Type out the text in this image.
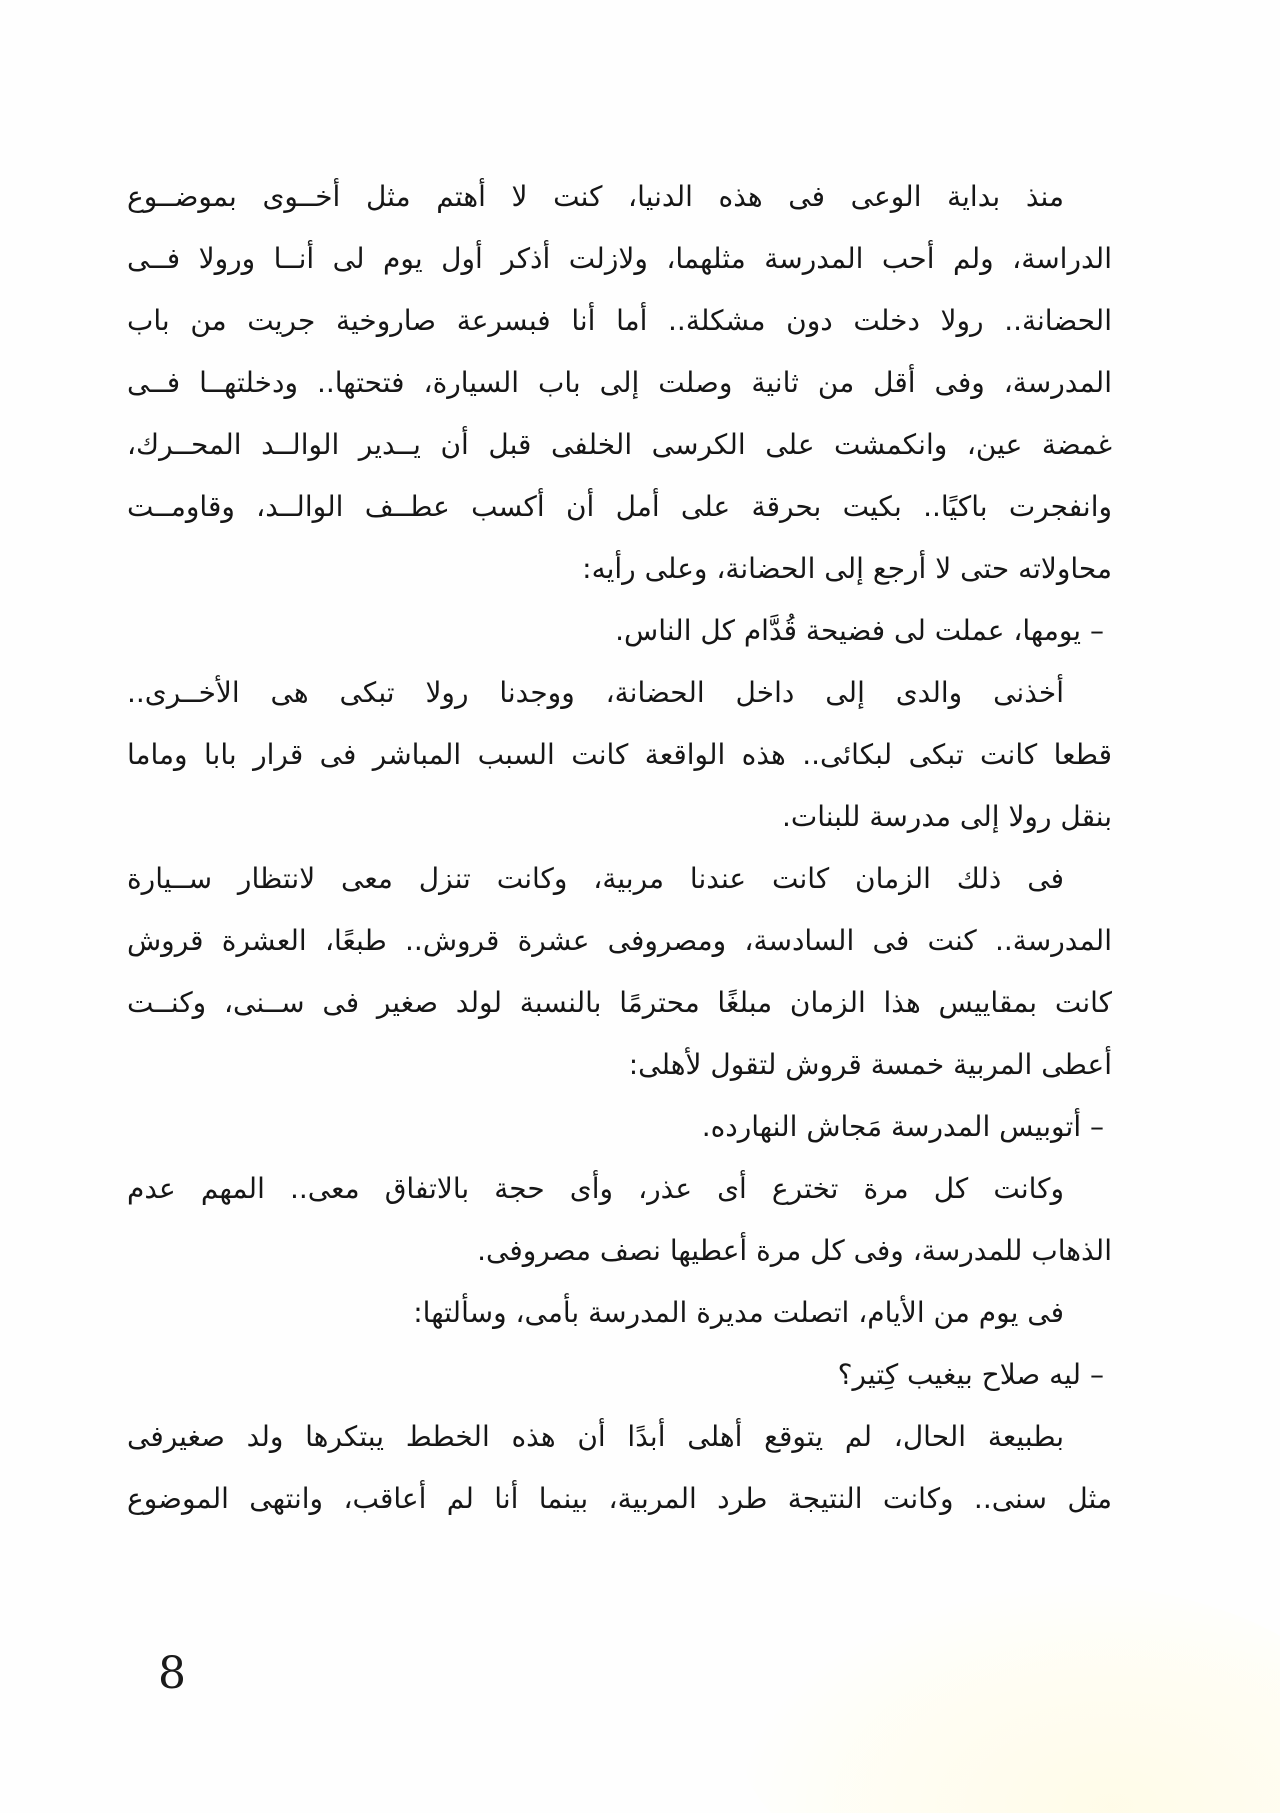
منذ بداية الوعى فى هذه الدنيا، كنت لا أهتم مثل أخــوى بموضــوع
الدراسة، ولم أحب المدرسة مثلهما، ولازلت أذكر أول يوم لى أنــا ورولا فــى
الحضانة.. رولا دخلت دون مشكلة.. أما أنا فبسرعة صاروخية جريت من باب
المدرسة، وفى أقل من ثانية وصلت إلى باب السيارة، فتحتها.. ودخلتهــا فــى
غمضة عين، وانكمشت على الكرسى الخلفى قبل أن يــدير الوالــد المحــرك،
وانفجرت باكيًا.. بكيت بحرقة على أمل أن أكسب عطــف الوالــد، وقاومــت
محاولاته حتى لا أرجع إلى الحضانة، وعلى رأيه:
– يومها، عملت لى فضيحة قُدَّام كل الناس.
أخذنى والدى إلى داخل الحضانة، ووجدنا رولا تبكى هى الأخــرى..
قطعا كانت تبكى لبكائى.. هذه الواقعة كانت السبب المباشر فى قرار بابا وماما
بنقل رولا إلى مدرسة للبنات.
فى ذلك الزمان كانت عندنا مربية، وكانت تنزل معى لانتظار ســيارة
المدرسة.. كنت فى السادسة، ومصروفى عشرة قروش.. طبعًا، العشرة قروش
كانت بمقاييس هذا الزمان مبلغًا محترمًا بالنسبة لولد صغير فى ســنى، وكنــت
أعطى المربية خمسة قروش لتقول لأهلى:
– أتوبيس المدرسة مَجاش النهارده.
وكانت كل مرة تخترع أى عذر، وأى حجة بالاتفاق معى.. المهم عدم
الذهاب للمدرسة، وفى كل مرة أعطيها نصف مصروفى.
فى يوم من الأيام، اتصلت مديرة المدرسة بأمى، وسألتها:
– ليه صلاح بيغيب كِتير؟
بطبيعة الحال، لم يتوقع أهلى أبدًا أن هذه الخطط يبتكرها ولد صغيرفى
مثل سنى.. وكانت النتيجة طرد المربية، بينما أنا لم أعاقب، وانتهى الموضوع
8
